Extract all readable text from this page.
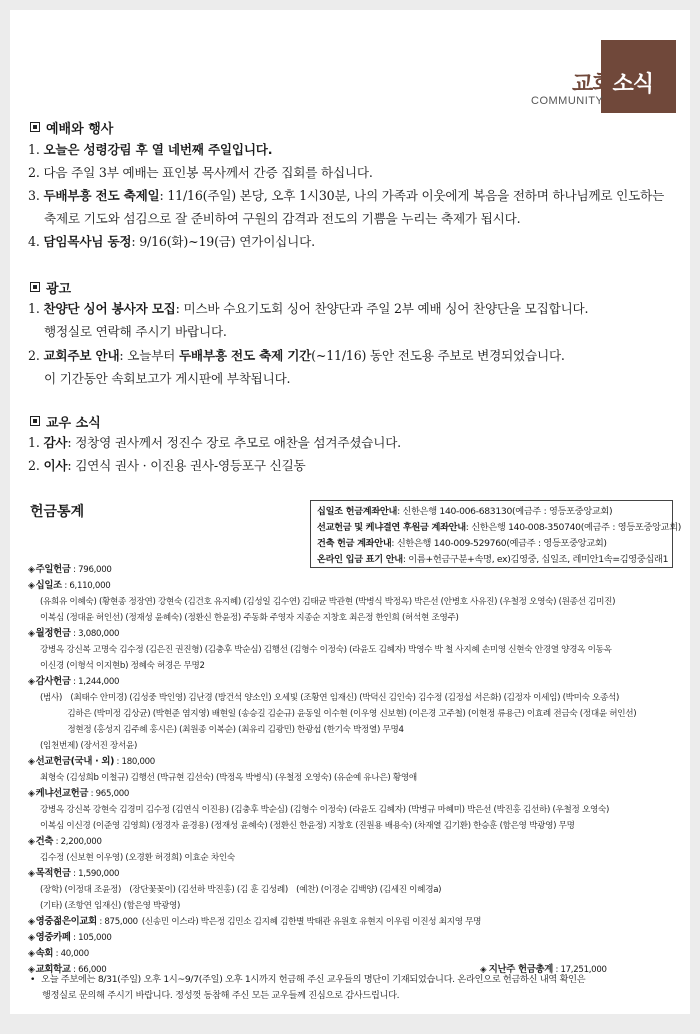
교회소식
COMMUNITY
예배와 행사
1. 오늘은 성령강림 후 열 네번째 주일입니다.
2. 다음 주일 3부 예배는 표인봉 목사께서 간증 집회를 하십니다.
3. 두배부흥 전도 축제일: 11/16(주일) 본당, 오후 1시30분, 나의 가족과 이웃에게 복음을 전하며 하나님께로 인도하는
축제로 기도와 섬김으로 잘 준비하여 구원의 감격과 전도의 기쁨을 누리는 축제가 됩시다.
4. 담임목사님 동정: 9/16(화)~19(금) 연가이십니다.
광고
1. 찬양단 싱어 봉사자 모집: 미스바 수요기도회 싱어 찬양단과 주일 2부 예배 싱어 찬양단을 모집합니다.
행정실로 연락해 주시기 바랍니다.
2. 교회주보 안내: 오늘부터 두배부흥 전도 축제 기간(~11/16) 동안 전도용 주보로 변경되었습니다.
이 기간동안 속회보고가 게시판에 부착됩니다.
교우 소식
1. 감사: 정창영 권사께서 정진수 장로 추모로 애찬을 섬겨주셨습니다.
2. 이사: 김연식 권사 · 이진용 권사-영등포구 신길동
헌금통계	십일조 헌금계좌안내: 신한은행 140-006-683130(예금주 : 영등포중앙교회)
선교헌금 및 케냐결연 후원금 계좌안내: 신한은행 140-008-350740(예금주 : 영등포중앙교회)
건축 헌금 계좌안내: 신한은행 140-009-529760(예금주 : 영등포중앙교회)
온라인 입금 표기 안내: 이름+헌금구분+속명, ex)김영중, 십일조, 레미안1속=김영중십래1
◈주일헌금 : 796,000
◈십일조 : 6,110,000
(유희유 이혜숙) (황현종 정장연) 강현숙 (김건호 유지혜) (김성일 김수연) 김태균 박관현 (박병식 박정옥) 박은선 (안병호 사유진) (우철정 오영숙) (원종선 김미진)
이복심 (정대윤 허인선) (정재성 윤혜숙) (정환신 한윤정) 주동화 주영자 지종순 지창호 최은정 한인희 (허석현 조영주)
◈월정헌금 : 3,080,000
강병옥 강신복 고명숙 김수정 (김은진 권진형) (김충후 박순심) 김행선 (김형수 이정숙) (라윤도 김혜자) 박영수 박 철 사지혜 손미영 신현숙 안경열 양경옥 이동옥
이신경 (이형석 이지현b) 정혜숙 허경은 무명2
◈감사헌금 : 1,244,000
(범사)　(최태수 안미경) (김성중 박인영) 김난경 (방건석 양소인) 오세빛 (조황연 임재신) (박덕신 김인숙) 김수정 (김정섭 서은화) (김정자 이세임) (박미숙 오종석)
　　　 김하은 (박미정 김상균) (박현준 염지영) 배현일 (송승길 김순규) 윤동일 이수현 (이우영 신보현) (이은경 고주철) (이현정 류용근) 이효례 전금숙 (정대윤 허인선)
　　　 정현정 (홍성지 김주혜 홍시은) (최원종 이복순) (최유리 김광민) 한광섭 (한기숙 박정열) 무명4
(임천번제) (장서진 장서윤)
◈선교헌금(국내 · 외) : 180,000
최형숙 (김성희b 이철규) 김행선 (박규현 김선숙) (박정옥 박병식) (우철정 오영숙) (유순예 유나은) 황영애
◈케냐선교헌금 : 965,000
강병옥 강신복 강현숙 김경미 김수정 (김연식 이진용) (김충후 박순심) (김형수 이정숙) (라윤도 김혜자) (박병규 마혜미) 박은선 (박진홍 김선하) (우철정 오영숙)
이복심 이신경 (이준영 김영희) (정경자 윤경용) (정재성 윤혜숙) (정환신 한윤정) 지창호 (진원용 배용숙) (차재열 김기환) 한승훈 (함은영 박광영) 무명
◈건축 : 2,200,000
김수정 (신보현 이우영) (오경환 허경희) 이효순 차인숙
◈목적헌금 : 1,590,000
(장학) (이정대 조윤정)　(장단꽃꽂이) (김선하 박진홍) (김 훈 김성례)　(예찬) (이경순 김백양) (김세진 이혜경a)
(기타) (조항연 임재신) (함은영 박광영)
◈영중젊은이교회 : 875,000 (신송민 이스라) 박은정 김민소 김지혜 김한별 박태관 유원호 유현지 이우림 이진성 최지영 무명
◈영중카페 : 105,000
◈속회 : 40,000
◈교회학교 : 66,000	◈ 지난주 헌금총계 : 17,251,000
• 오늘 주보에는 8/31(주일) 오후 1시~9/7(주일) 오후 1시까지 헌금해 주신 교우들의 명단이 기재되었습니다. 온라인으로 헌금하신 내역 확인은
행정실로 문의해 주시기 바랍니다. 정성껏 동참해 주신 모든 교우들께 진심으로 감사드립니다.
